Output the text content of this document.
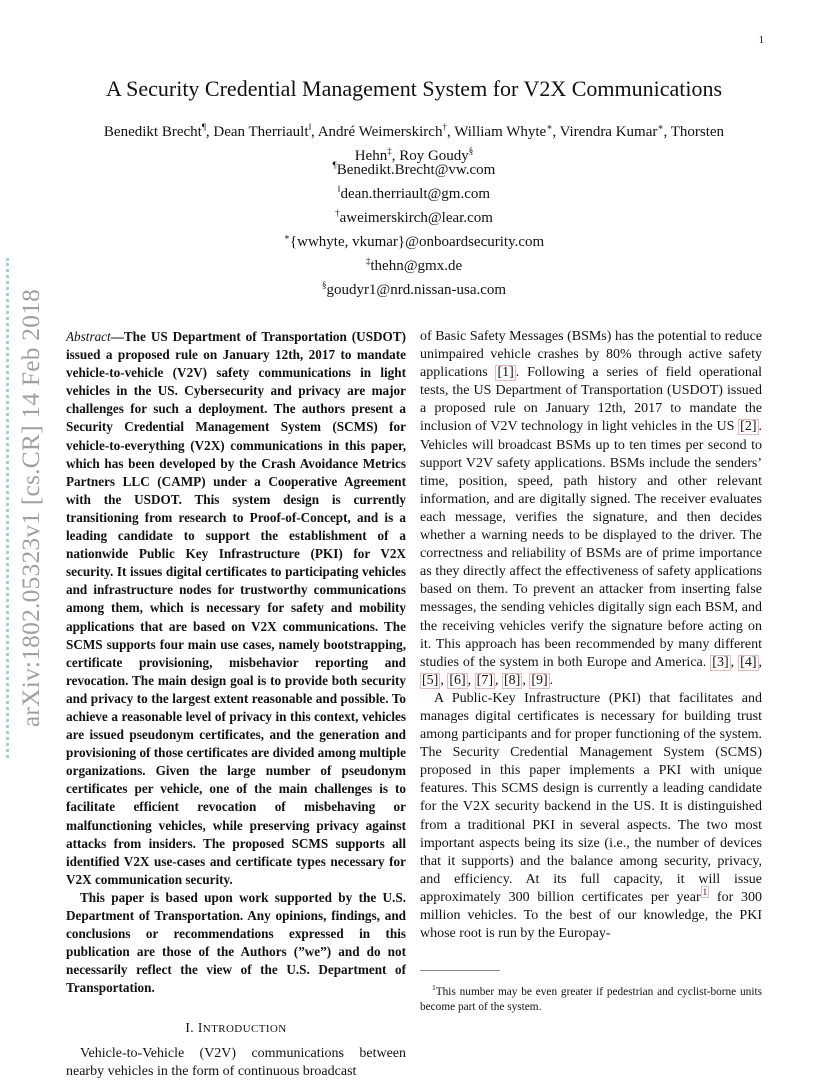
1
arXiv:1802.05323v1 [cs.CR] 14 Feb 2018
A Security Credential Management System for V2X Communications
Benedikt Brecht¶, Dean Therriault‖, André Weimerskirch†, William Whyte∗, Virendra Kumar∗, Thorsten
Hehn‡, Roy Goudy§
¶Benedikt.Brecht@vw.com
‖dean.therriault@gm.com
†aweimerskirch@lear.com
∗{wwhyte, vkumar}@onboardsecurity.com
‡thehn@gmx.de
§goudyr1@nrd.nissan-usa.com

Abstract—The US Department of Transportation (USDOT) issued a proposed rule on January 12th, 2017 to mandate vehicle-to-vehicle (V2V) safety communications in light vehicles in the US. Cybersecurity and privacy are major challenges for such a deployment. The authors present a Security Credential Management System (SCMS) for vehicle-to-everything (V2X) communications in this paper, which has been developed by the Crash Avoidance Metrics Partners LLC (CAMP) under a Cooperative Agreement with the USDOT. This system design is currently transitioning from research to Proof-of-Concept, and is a leading candidate to support the establishment of a nationwide Public Key Infrastructure (PKI) for V2X security. It issues digital certificates to participating vehicles and infrastructure nodes for trustworthy communications among them, which is necessary for safety and mobility applications that are based on V2X communications. The SCMS supports four main use cases, namely bootstrapping, certificate provisioning, misbehavior reporting and revocation. The main design goal is to provide both security and privacy to the largest extent reasonable and possible. To achieve a reasonable level of privacy in this context, vehicles are issued pseudonym certificates, and the generation and provisioning of those certificates are divided among multiple organizations. Given the large number of pseudonym certificates per vehicle, one of the main challenges is to facilitate efficient revocation of misbehaving or malfunctioning vehicles, while preserving privacy against attacks from insiders. The proposed SCMS supports all identified V2X use-cases and certificate types necessary for V2X communication security.

This paper is based upon work supported by the U.S. Department of Transportation. Any opinions, findings, and conclusions or recommendations expressed in this publication are those of the Authors (”we”) and do not necessarily reflect the view of the U.S. Department of Transportation.

I. INTRODUCTION

Vehicle-to-Vehicle (V2V) communications between nearby vehicles in the form of continuous broadcast

of Basic Safety Messages (BSMs) has the potential to reduce unimpaired vehicle crashes by 80% through active safety applications [1] . Following a series of field operational tests, the US Department of Transportation (USDOT) issued a proposed rule on January 12th, 2017 to mandate the inclusion of V2V technology in light vehicles in the US [2] . Vehicles will broadcast BSMs up to ten times per second to support V2V safety applications. BSMs include the senders’ time, position, speed, path history and other relevant information, and are digitally signed. The receiver evaluates each message, verifies the signature, and then decides whether a warning needs to be displayed to the driver. The correctness and reliability of BSMs are of prime importance as they directly affect the effectiveness of safety applications based on them. To prevent an attacker from inserting false messages, the sending vehicles digitally sign each BSM, and the receiving vehicles verify the signature before acting on it. This approach has been recommended by many different studies of the system in both Europe and America. [3] , [4] , [5] , [6] , [7] , [8] , [9] .

A Public-Key Infrastructure (PKI) that facilitates and manages digital certificates is necessary for building trust among participants and for proper functioning of the system. The Security Credential Management System (SCMS) proposed in this paper implements a PKI with unique features. This SCMS design is currently a leading candidate for the V2X security backend in the US. It is distinguished from a traditional PKI in several aspects. The two most important aspects being its size (i.e., the number of devices that it supports) and the balance among security, privacy, and efficiency. At its full capacity, it will issue approximately 300 billion certificates per year $^1$ for 300 million vehicles. To the best of our knowledge, the PKI whose root is run by the Europay-

$^1$This number may be even greater if pedestrian and cyclist-borne units become part of the system.
